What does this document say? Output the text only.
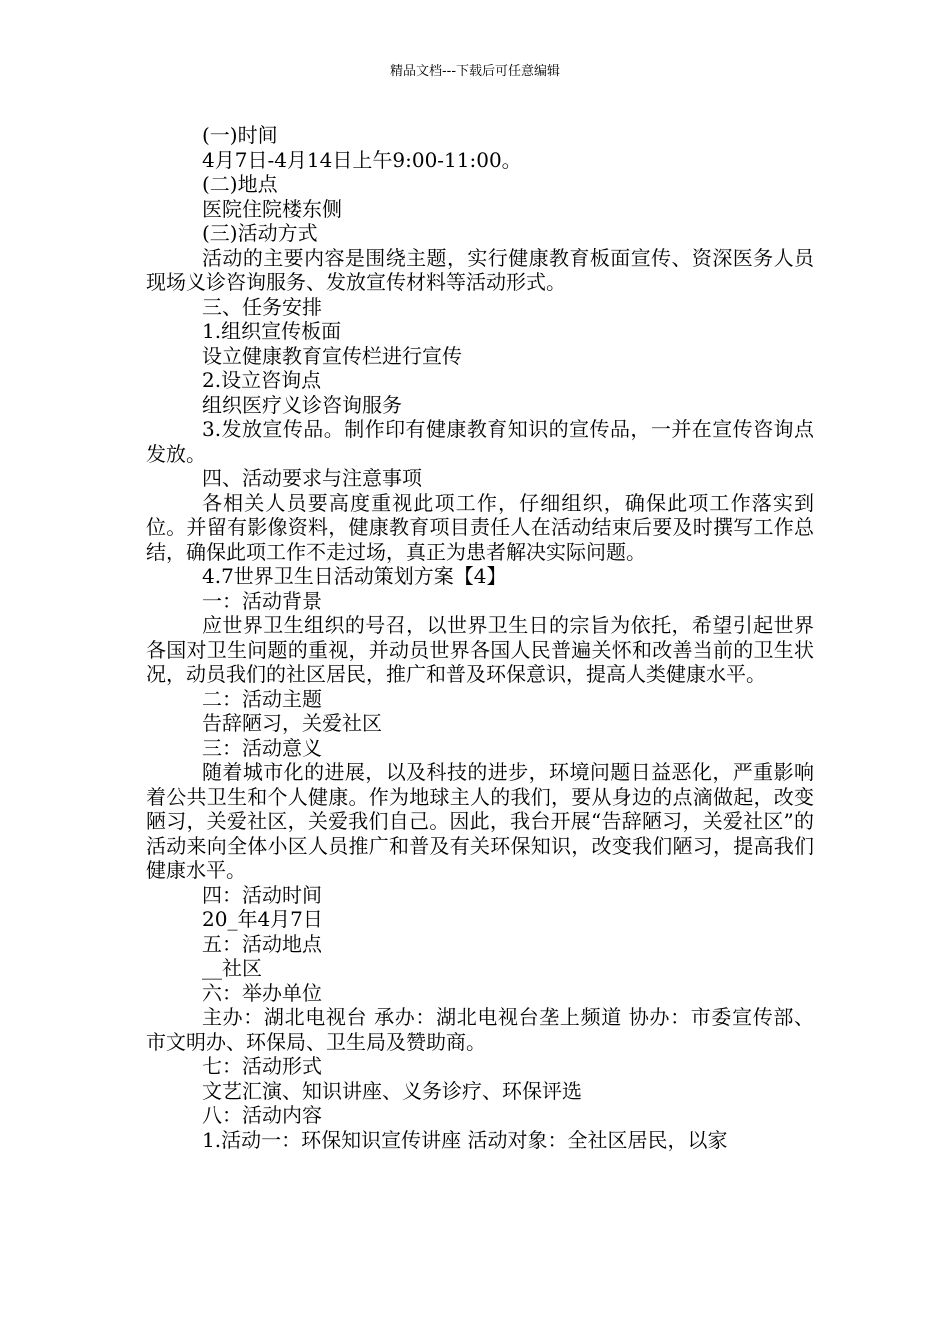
精品文档---下载后可任意编辑

(一)时间

4月7日-4月14日上午9:00-11:00。

(二)地点

医院住院楼东侧

(三)活动方式

活动的主要内容是围绕主题，实行健康教育板面宣传、资深医务人员现场义诊咨询服务、发放宣传材料等活动形式。

三、任务安排

1.组织宣传板面

设立健康教育宣传栏进行宣传

2.设立咨询点

组织医疗义诊咨询服务

3.发放宣传品。制作印有健康教育知识的宣传品，一并在宣传咨询点发放。

四、活动要求与注意事项

各相关人员要高度重视此项工作，仔细组织，确保此项工作落实到位。并留有影像资料，健康教育项目责任人在活动结束后要及时撰写工作总结，确保此项工作不走过场，真正为患者解决实际问题。

4.7世界卫生日活动策划方案【4】

一：活动背景

应世界卫生组织的号召，以世界卫生日的宗旨为依托，希望引起世界各国对卫生问题的重视，并动员世界各国人民普遍关怀和改善当前的卫生状况，动员我们的社区居民，推广和普及环保意识，提高人类健康水平。

二：活动主题

告辞陋习，关爱社区

三：活动意义

随着城市化的进展，以及科技的进步，环境问题日益恶化，严重影响着公共卫生和个人健康。作为地球主人的我们，要从身边的点滴做起，改变陋习，关爱社区，关爱我们自己。因此，我台开展“告辞陋习，关爱社区”的活动来向全体小区人员推广和普及有关环保知识，改变我们陋习，提高我们健康水平。

四：活动时间

20_年4月7日

五：活动地点

__社区

六：举办单位

主办：湖北电视台 承办：湖北电视台垄上频道 协办：市委宣传部、市文明办、环保局、卫生局及赞助商。

七：活动形式

文艺汇演、知识讲座、义务诊疗、环保评选

八：活动内容

1.活动一：环保知识宣传讲座 活动对象：全社区居民，以家
